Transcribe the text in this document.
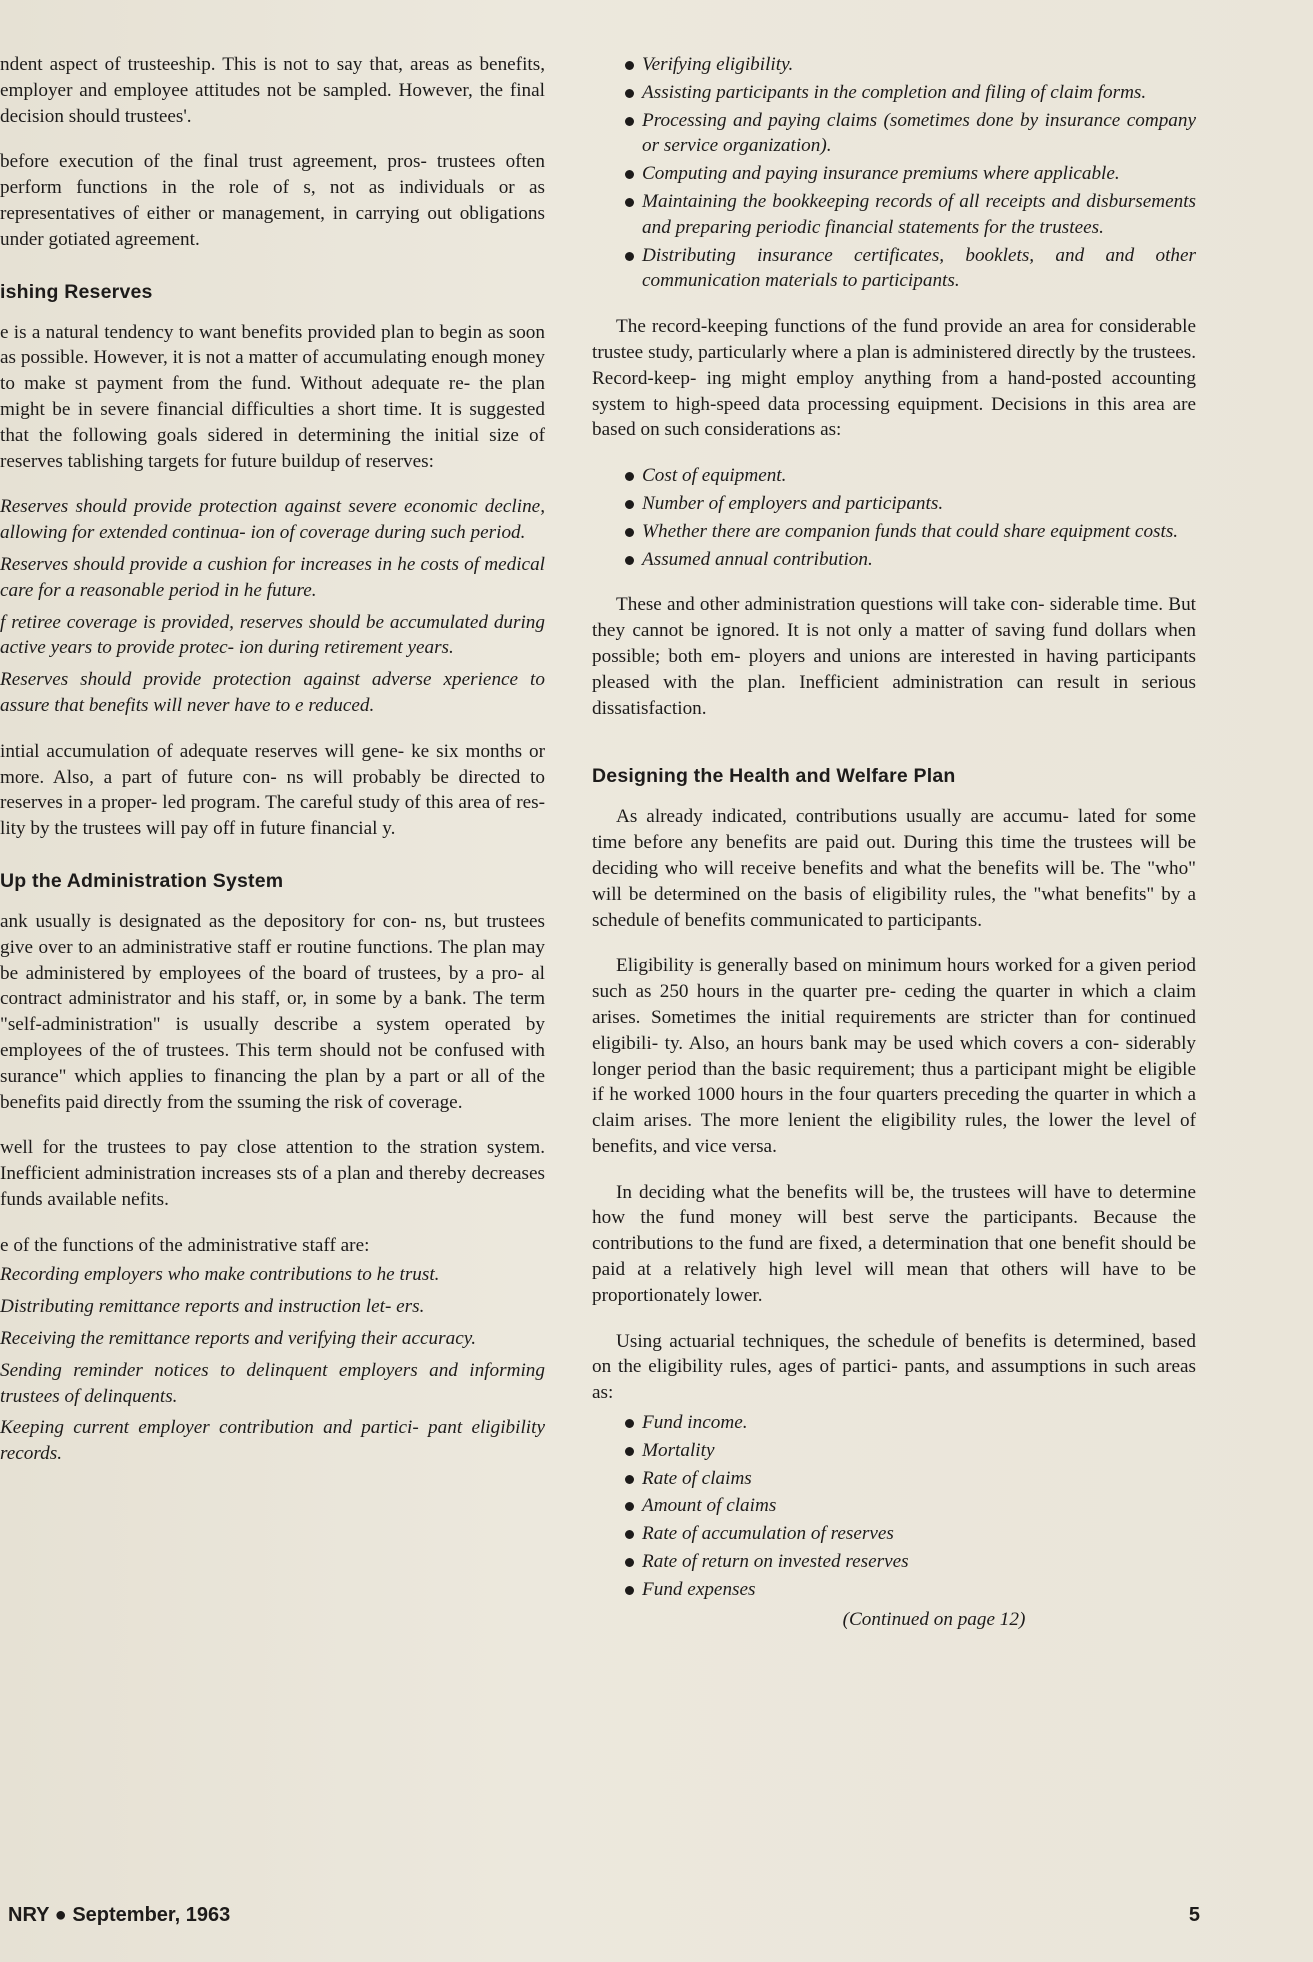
ndent aspect of trusteeship. This is not to say that, areas as benefits, employer and employee attitudes not be sampled. However, the final decision should trustees'.

before execution of the final trust agreement, pros- trustees often perform functions in the role of s, not as individuals or as representatives of either or management, in carrying out obligations under gotiated agreement.

ishing Reserves

e is a natural tendency to want benefits provided plan to begin as soon as possible. However, it is not a matter of accumulating enough money to make st payment from the fund. Without adequate re- the plan might be in severe financial difficulties a short time. It is suggested that the following goals sidered in determining the initial size of reserves tablishing targets for future buildup of reserves:

Reserves should provide protection against severe economic decline, allowing for extended continua- ion of coverage during such period.
Reserves should provide a cushion for increases in he costs of medical care for a reasonable period in he future.
f retiree coverage is provided, reserves should be accumulated during active years to provide protec- ion during retirement years.
Reserves should provide protection against adverse xperience to assure that benefits will never have to e reduced.

intial accumulation of adequate reserves will gene- ke six months or more. Also, a part of future con- ns will probably be directed to reserves in a proper- led program. The careful study of this area of res- lity by the trustees will pay off in future financial y.

Up the Administration System

ank usually is designated as the depository for con- ns, but trustees give over to an administrative staff er routine functions. The plan may be administered by employees of the board of trustees, by a pro- al contract administrator and his staff, or, in some by a bank. The term "self-administration" is usually describe a system operated by employees of the of trustees. This term should not be confused with surance" which applies to financing the plan by a part or all of the benefits paid directly from the ssuming the risk of coverage.

well for the trustees to pay close attention to the stration system. Inefficient administration increases sts of a plan and thereby decreases funds available nefits.

e of the functions of the administrative staff are:

Recording employers who make contributions to he trust.
Distributing remittance reports and instruction let- ers.
Receiving the remittance reports and verifying their accuracy.
Sending reminder notices to delinquent employers and informing trustees of delinquents.
Keeping current employer contribution and partici- pant eligibility records.
Verifying eligibility.
Assisting participants in the completion and filing of claim forms.
Processing and paying claims (sometimes done by insurance company or service organization).
Computing and paying insurance premiums where applicable.
Maintaining the bookkeeping records of all receipts and disbursements and preparing periodic financial statements for the trustees.
Distributing insurance certificates, booklets, and and other communication materials to participants.

The record-keeping functions of the fund provide an area for considerable trustee study, particularly where a plan is administered directly by the trustees. Record-keep- ing might employ anything from a hand-posted accounting system to high-speed data processing equipment. Decisions in this area are based on such considerations as:

Cost of equipment.
Number of employers and participants.
Whether there are companion funds that could share equipment costs.
Assumed annual contribution.

These and other administration questions will take con- siderable time. But they cannot be ignored. It is not only a matter of saving fund dollars when possible; both em- ployers and unions are interested in having participants pleased with the plan. Inefficient administration can result in serious dissatisfaction.

Designing the Health and Welfare Plan

As already indicated, contributions usually are accumu- lated for some time before any benefits are paid out. During this time the trustees will be deciding who will receive benefits and what the benefits will be. The "who" will be determined on the basis of eligibility rules, the "what benefits" by a schedule of benefits communicated to participants.

Eligibility is generally based on minimum hours worked for a given period such as 250 hours in the quarter pre- ceding the quarter in which a claim arises. Sometimes the initial requirements are stricter than for continued eligibili- ty. Also, an hours bank may be used which covers a con- siderably longer period than the basic requirement; thus a participant might be eligible if he worked 1000 hours in the four quarters preceding the quarter in which a claim arises. The more lenient the eligibility rules, the lower the level of benefits, and vice versa.

In deciding what the benefits will be, the trustees will have to determine how the fund money will best serve the participants. Because the contributions to the fund are fixed, a determination that one benefit should be paid at a relatively high level will mean that others will have to be proportionately lower.

Using actuarial techniques, the schedule of benefits is determined, based on the eligibility rules, ages of partici- pants, and assumptions in such areas as:

Fund income.
Mortality
Rate of claims
Amount of claims
Rate of accumulation of reserves
Rate of return on invested reserves
Fund expenses
(Continued on page 12)
NRY ● September, 1963	5
